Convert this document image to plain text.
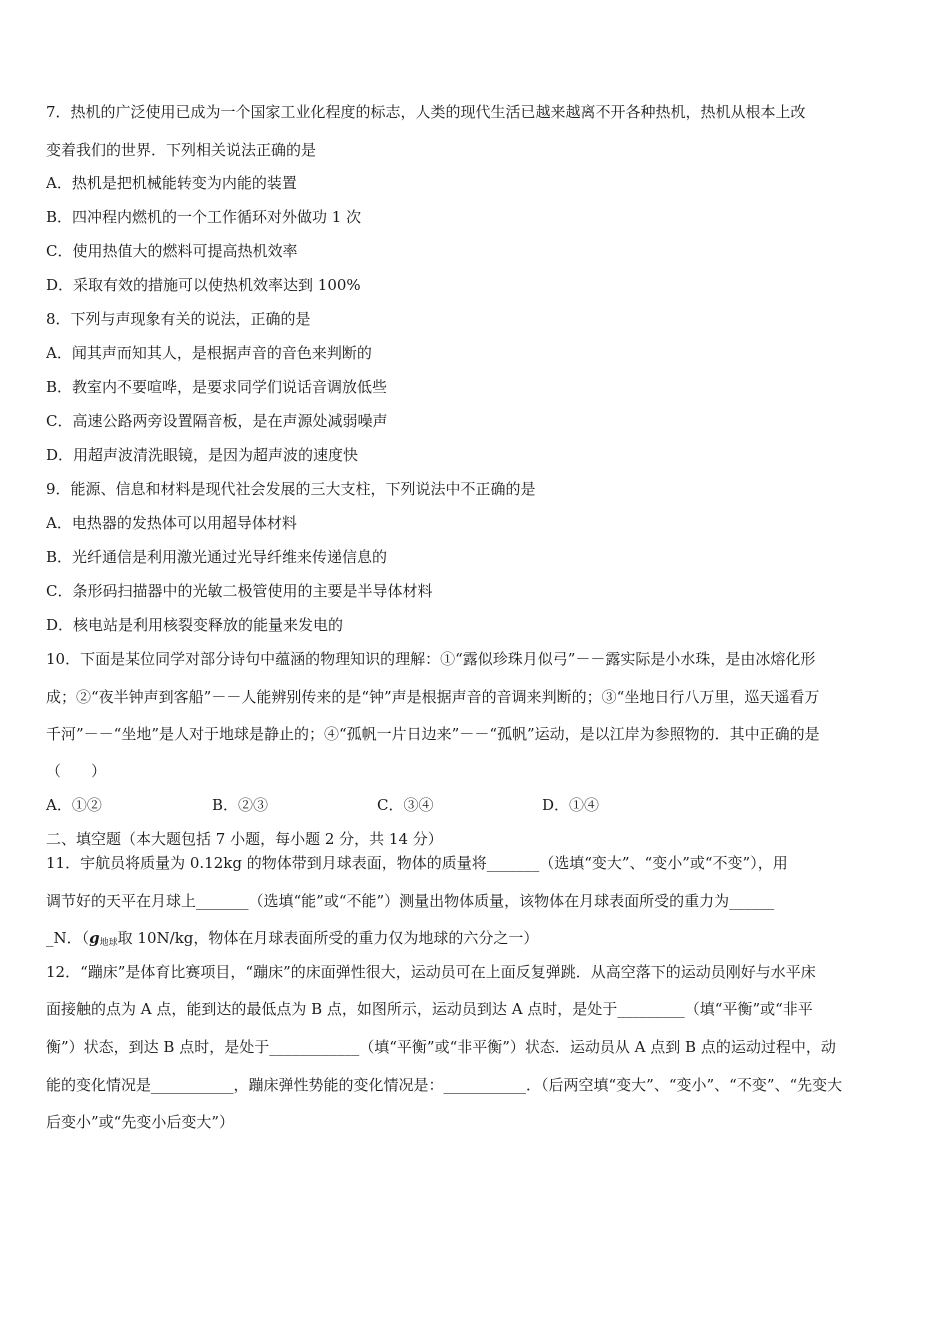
7．热机的广泛使用已成为一个国家工业化程度的标志，人类的现代生活已越来越离不开各种热机，热机从根本上改
变着我们的世界．下列相关说法正确的是
A．热机是把机械能转变为内能的装置
B．四冲程内燃机的一个工作循环对外做功 1 次
C．使用热值大的燃料可提高热机效率
D．采取有效的措施可以使热机效率达到 100%
8．下列与声现象有关的说法，正确的是
A．闻其声而知其人，是根据声音的音色来判断的
B．教室内不要喧哗，是要求同学们说话音调放低些
C．高速公路两旁设置隔音板，是在声源处减弱噪声
D．用超声波清洗眼镜，是因为超声波的速度快
9．能源、信息和材料是现代社会发展的三大支柱，下列说法中不正确的是
A．电热器的发热体可以用超导体材料
B．光纤通信是利用激光通过光导纤维来传递信息的
C．条形码扫描器中的光敏二极管使用的主要是半导体材料
D．核电站是利用核裂变释放的能量来发电的
10．下面是某位同学对部分诗句中蕴涵的物理知识的理解：①“露似珍珠月似弓”－－露实际是小水珠，是由冰熔化形
成；②“夜半钟声到客船”－－人能辨别传来的是“钟”声是根据声音的音调来判断的；③“坐地日行八万里，巡天遥看万
千河”－－“坐地”是人对于地球是静止的；④“孤帆一片日边来”－－“孤帆”运动，是以江岸为参照物的．其中正确的是
（　　）
A．①②	B．②③	C．③④	D．①④
二、填空题（本大题包括 7 小题，每小题 2 分，共 14 分）
11．宇航员将质量为 0.12kg 的物体带到月球表面，物体的质量将_______（选填“变大”、“变小”或“不变”），用
调节好的天平在月球上_______（选填“能”或“不能”）测量出物体质量，该物体在月球表面所受的重力为______
_N．（g地球取 10N/kg，物体在月球表面所受的重力仅为地球的六分之一）
12．“蹦床”是体育比赛项目，“蹦床”的床面弹性很大，运动员可在上面反复弹跳．从高空落下的运动员刚好与水平床
面接触的点为 A 点，能到达的最低点为 B 点，如图所示，运动员到达 A 点时，是处于_________（填“平衡”或“非平
衡”）状态，到达 B 点时，是处于____________（填“平衡”或“非平衡”）状态．运动员从 A 点到 B 点的运动过程中，动
能的变化情况是___________，蹦床弹性势能的变化情况是：___________．（后两空填“变大”、“变小”、“不变”、“先变大
后变小”或“先变小后变大”）
